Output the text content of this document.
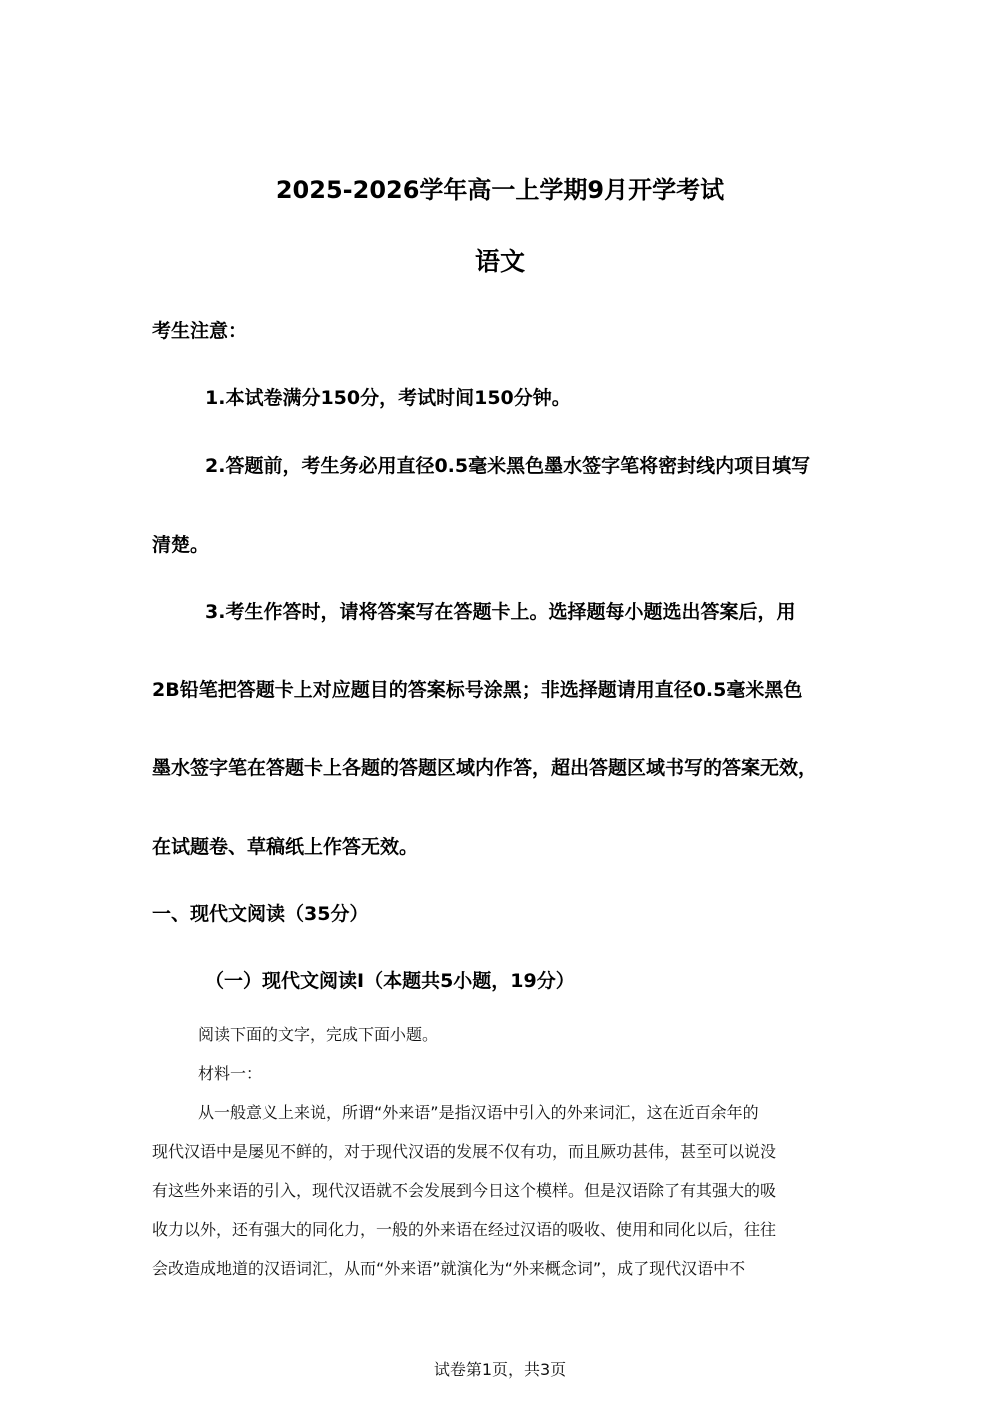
2025-2026学年高一上学期9月开学考试
语文
考生注意：
1.本试卷满分150分，考试时间150分钟。
2.答题前，考生务必用直径0.5毫米黑色墨水签字笔将密封线内项目填写
清楚。
3.考生作答时，请将答案写在答题卡上。选择题每小题选出答案后，用
2B铅笔把答题卡上对应题目的答案标号涂黑；非选择题请用直径0.5毫米黑色
墨水签字笔在答题卡上各题的答题区域内作答，超出答题区域书写的答案无效，
在试题卷、草稿纸上作答无效。
一、现代文阅读（35分）
（一）现代文阅读Ⅰ（本题共5小题，19分）
阅读下面的文字，完成下面小题。
材料一：
从一般意义上来说，所谓“外来语”是指汉语中引入的外来词汇，这在近百余年的
现代汉语中是屡见不鲜的，对于现代汉语的发展不仅有功，而且厥功甚伟，甚至可以说没
有这些外来语的引入，现代汉语就不会发展到今日这个模样。但是汉语除了有其强大的吸
收力以外，还有强大的同化力，一般的外来语在经过汉语的吸收、使用和同化以后，往往
会改造成地道的汉语词汇，从而“外来语”就演化为“外来概念词”，成了现代汉语中不
试卷第1页，共3页
